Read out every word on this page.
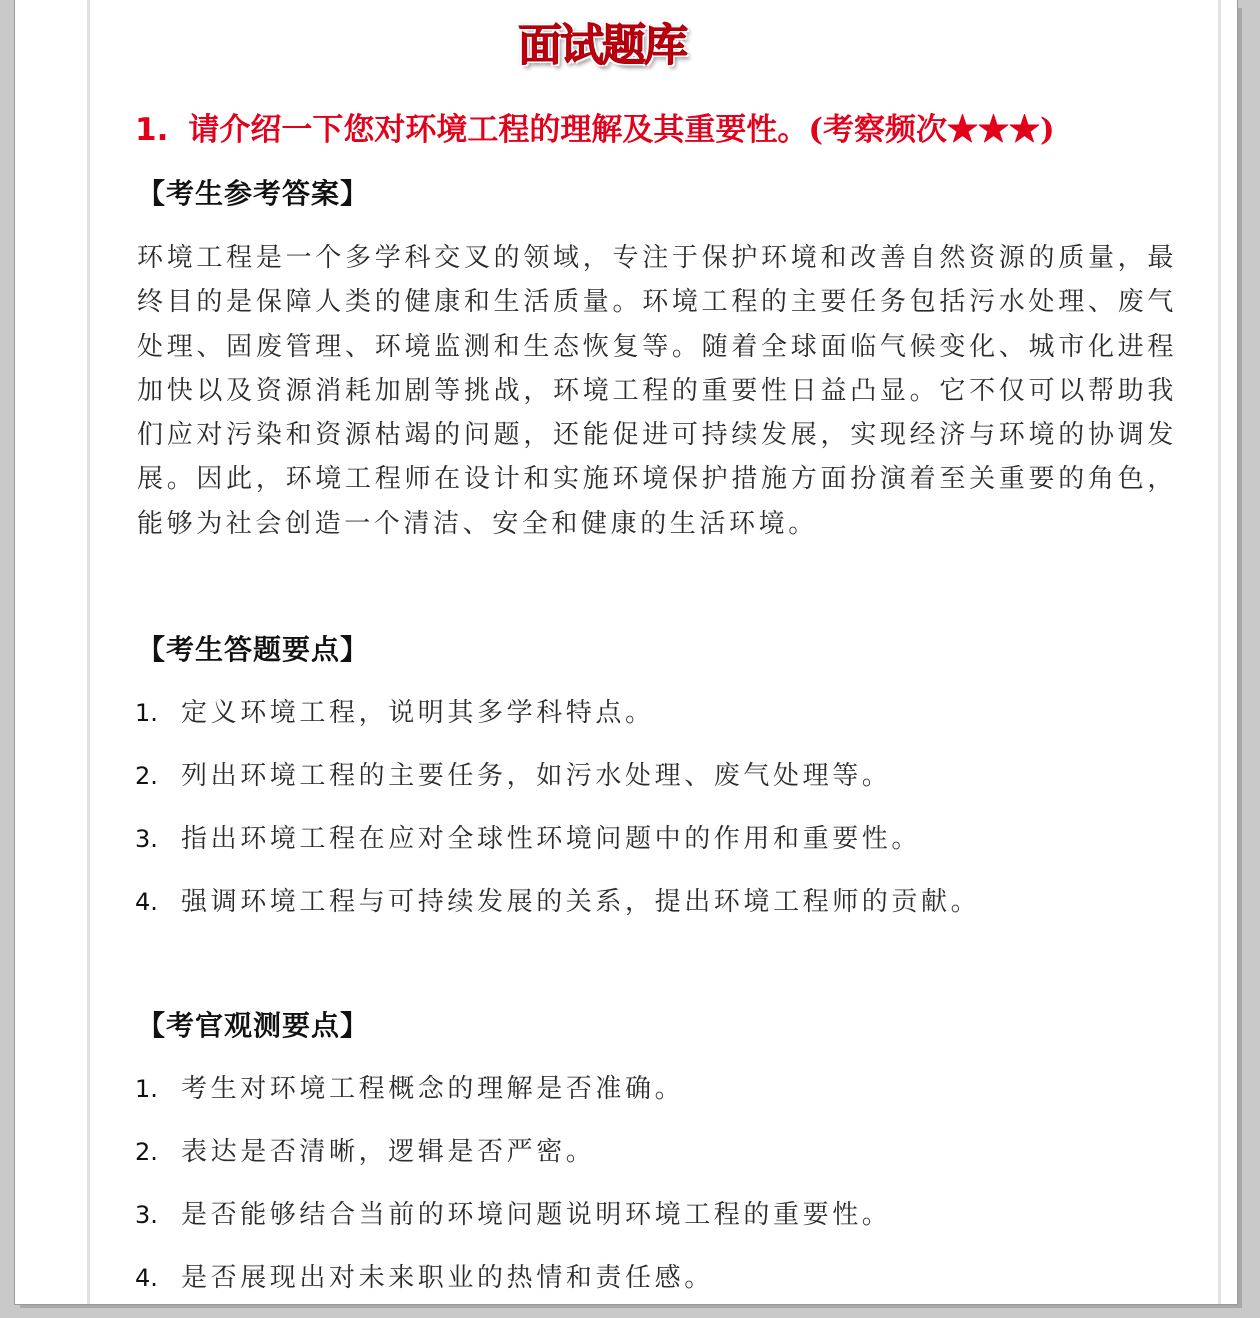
面试题库
1. 请介绍一下您对环境工程的理解及其重要性。(考察频次★★★)
【考生参考答案】

环境工程是一个多学科交叉的领域，专注于保护环境和改善自然资源的质量，最终目的是保障人类的健康和生活质量。环境工程的主要任务包括污水处理、废气处理、固废管理、环境监测和生态恢复等。随着全球面临气候变化、城市化进程加快以及资源消耗加剧等挑战，环境工程的重要性日益凸显。它不仅可以帮助我们应对污染和资源枯竭的问题，还能促进可持续发展，实现经济与环境的协调发展。因此，环境工程师在设计和实施环境保护措施方面扮演着至关重要的角色，能够为社会创造一个清洁、安全和健康的生活环境。

【考生答题要点】
1. 定义环境工程，说明其多学科特点。
2. 列出环境工程的主要任务，如污水处理、废气处理等。
3. 指出环境工程在应对全球性环境问题中的作用和重要性。
4. 强调环境工程与可持续发展的关系，提出环境工程师的贡献。
【考官观测要点】
1. 考生对环境工程概念的理解是否准确。
2. 表达是否清晰，逻辑是否严密。
3. 是否能够结合当前的环境问题说明环境工程的重要性。
4. 是否展现出对未来职业的热情和责任感。
